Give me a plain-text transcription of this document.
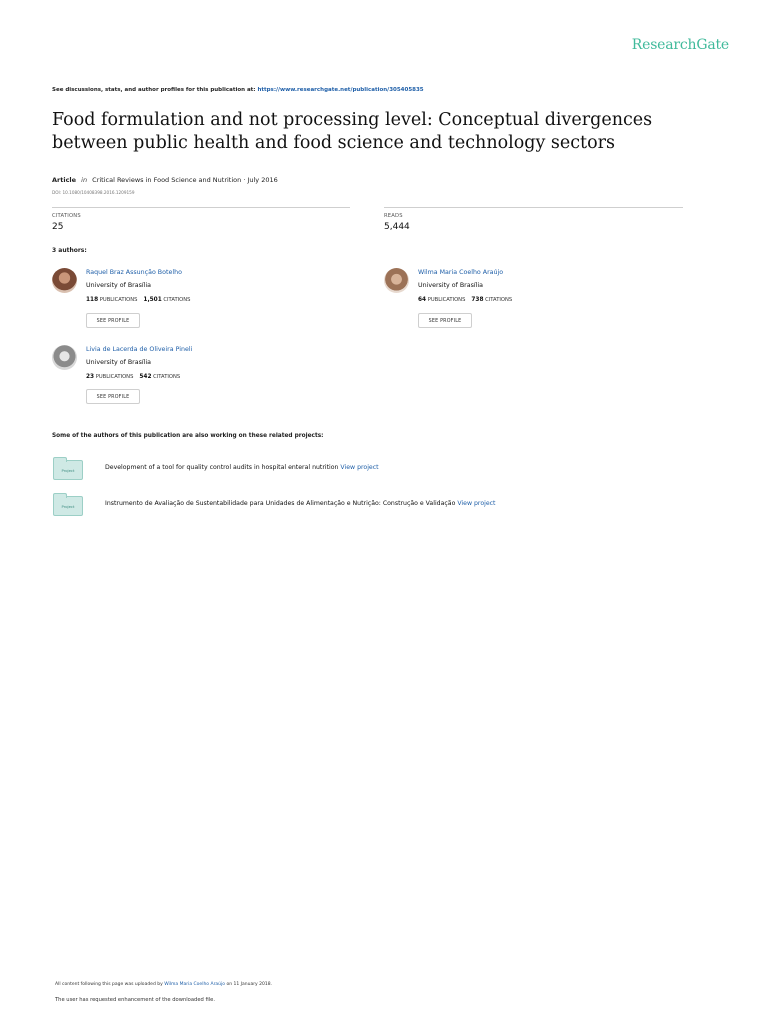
ResearchGate
See discussions, stats, and author profiles for this publication at: https://www.researchgate.net/publication/305405835
Food formulation and not processing level: Conceptual divergences between public health and food science and technology sectors
Article in Critical Reviews in Food Science and Nutrition · July 2016
DOI: 10.1080/10408398.2016.1209159
CITATIONS
25
READS
5,444
3 authors:
Raquel Braz Assunção Botelho
University of Brasília
118 PUBLICATIONS 1,501 CITATIONS
SEE PROFILE
Wilma Maria Coelho Araújo
University of Brasília
64 PUBLICATIONS 738 CITATIONS
SEE PROFILE
Livia de Lacerda de Oliveira Pineli
University of Brasília
23 PUBLICATIONS 542 CITATIONS
SEE PROFILE
Some of the authors of this publication are also working on these related projects:
Project	Development of a tool for quality control audits in hospital enteral nutrition View project
Project	Instrumento de Avaliação de Sustentabilidade para Unidades de Alimentação e Nutrição: Construção e Validação View project
All content following this page was uploaded by Wilma Maria Coelho Araújo on 11 January 2018.
The user has requested enhancement of the downloaded file.
